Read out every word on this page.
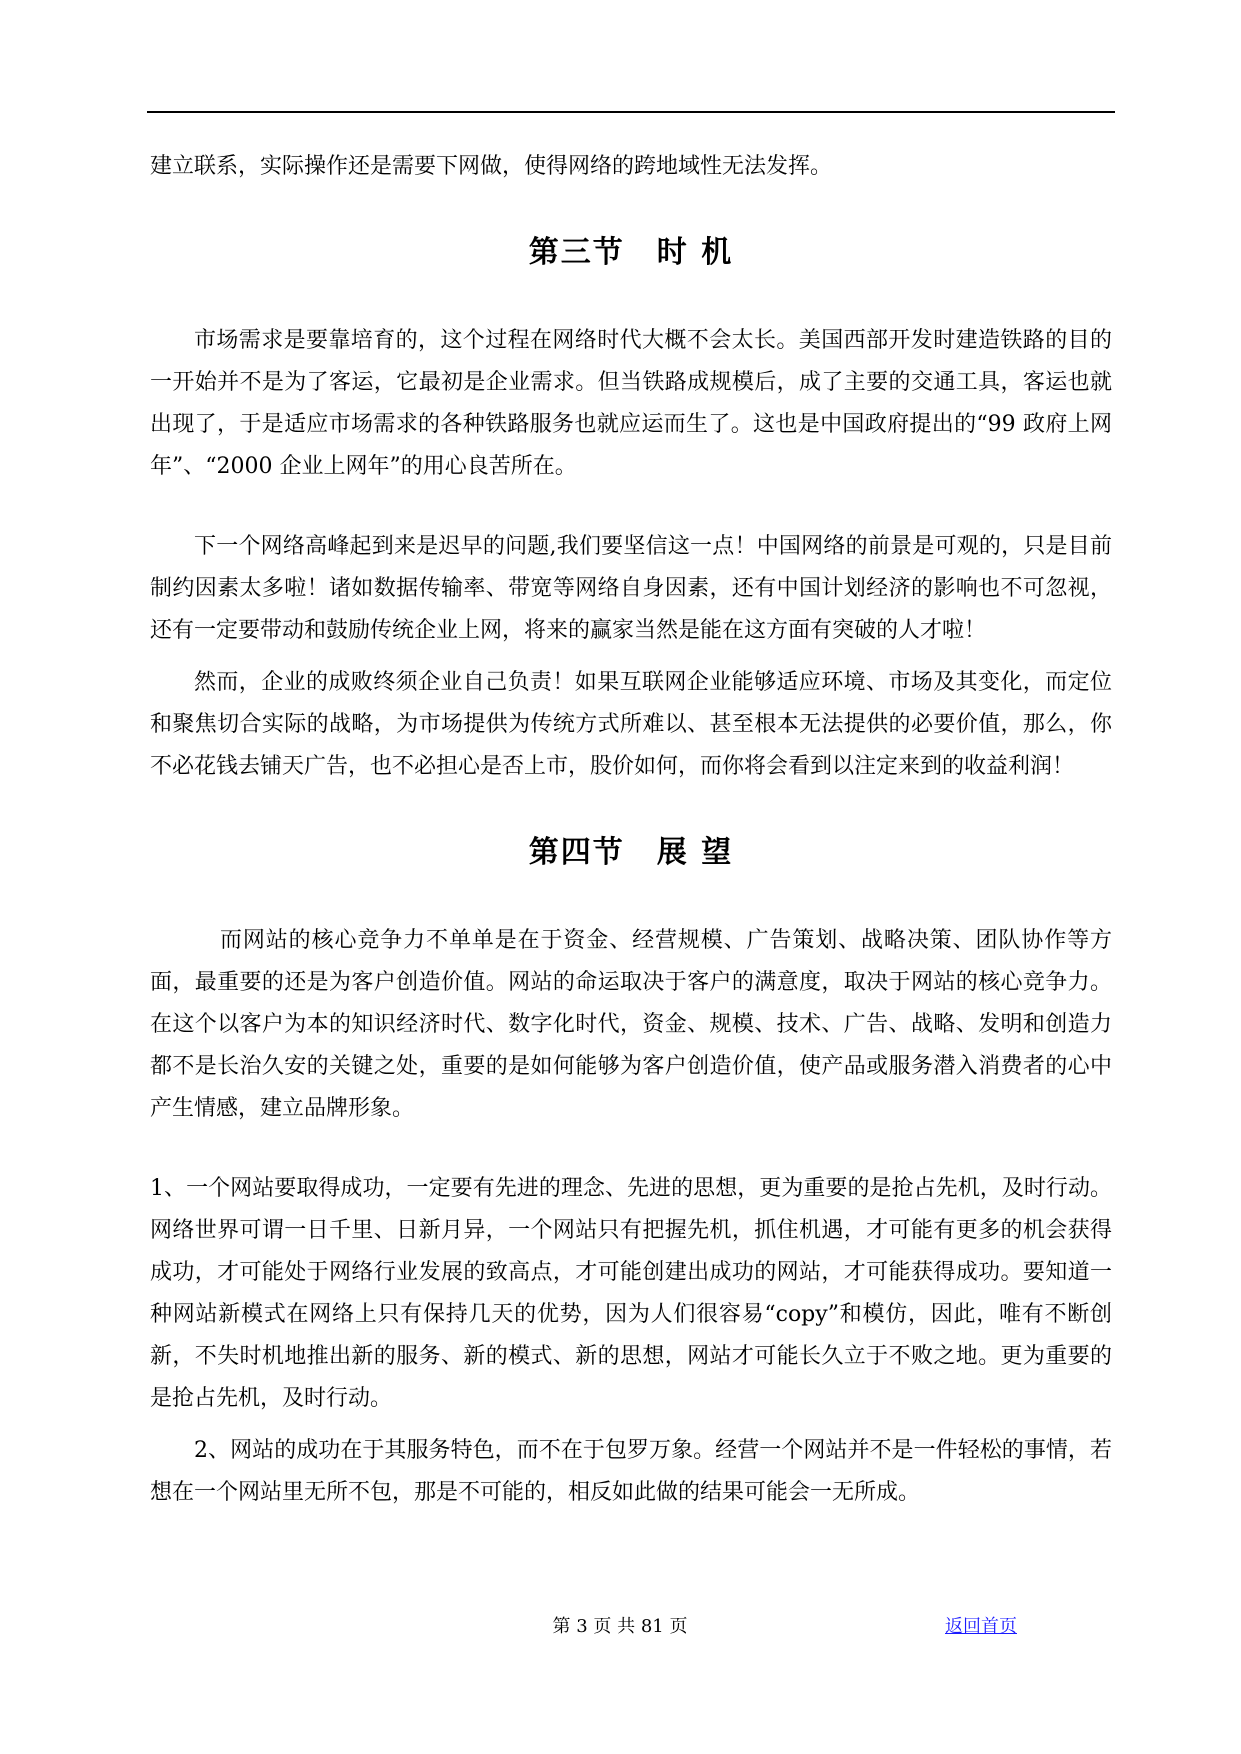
建立联系，实际操作还是需要下网做，使得网络的跨地域性无法发挥。

第三节　时 机

市场需求是要靠培育的，这个过程在网络时代大概不会太长。美国西部开发时建造铁路的目的一开始并不是为了客运，它最初是企业需求。但当铁路成规模后，成了主要的交通工具，客运也就出现了，于是适应市场需求的各种铁路服务也就应运而生了。这也是中国政府提出的“99 政府上网年”、“2000 企业上网年”的用心良苦所在。

下一个网络高峰起到来是迟早的问题,我们要坚信这一点！中国网络的前景是可观的，只是目前制约因素太多啦！诸如数据传输率、带宽等网络自身因素，还有中国计划经济的影响也不可忽视，还有一定要带动和鼓励传统企业上网，将来的赢家当然是能在这方面有突破的人才啦！

然而，企业的成败终须企业自己负责！如果互联网企业能够适应环境、市场及其变化，而定位和聚焦切合实际的战略，为市场提供为传统方式所难以、甚至根本无法提供的必要价值，那么，你不必花钱去铺天广告，也不必担心是否上市，股价如何，而你将会看到以注定来到的收益利润！

第四节　展 望

而网站的核心竞争力不单单是在于资金、经营规模、广告策划、战略决策、团队协作等方面，最重要的还是为客户创造价值。网站的命运取决于客户的满意度，取决于网站的核心竞争力。在这个以客户为本的知识经济时代、数字化时代，资金、规模、技术、广告、战略、发明和创造力都不是长治久安的关键之处，重要的是如何能够为客户创造价值，使产品或服务潜入消费者的心中产生情感，建立品牌形象。

1、一个网站要取得成功，一定要有先进的理念、先进的思想，更为重要的是抢占先机，及时行动。网络世界可谓一日千里、日新月异，一个网站只有把握先机，抓住机遇，才可能有更多的机会获得成功，才可能处于网络行业发展的致高点，才可能创建出成功的网站，才可能获得成功。要知道一种网站新模式在网络上只有保持几天的优势，因为人们很容易“copy”和模仿，因此，唯有不断创新，不失时机地推出新的服务、新的模式、新的思想，网站才可能长久立于不败之地。更为重要的是抢占先机，及时行动。

2、网站的成功在于其服务特色，而不在于包罗万象。经营一个网站并不是一件轻松的事情，若想在一个网站里无所不包，那是不可能的，相反如此做的结果可能会一无所成。

第 3 页 共 81 页	返回首页
